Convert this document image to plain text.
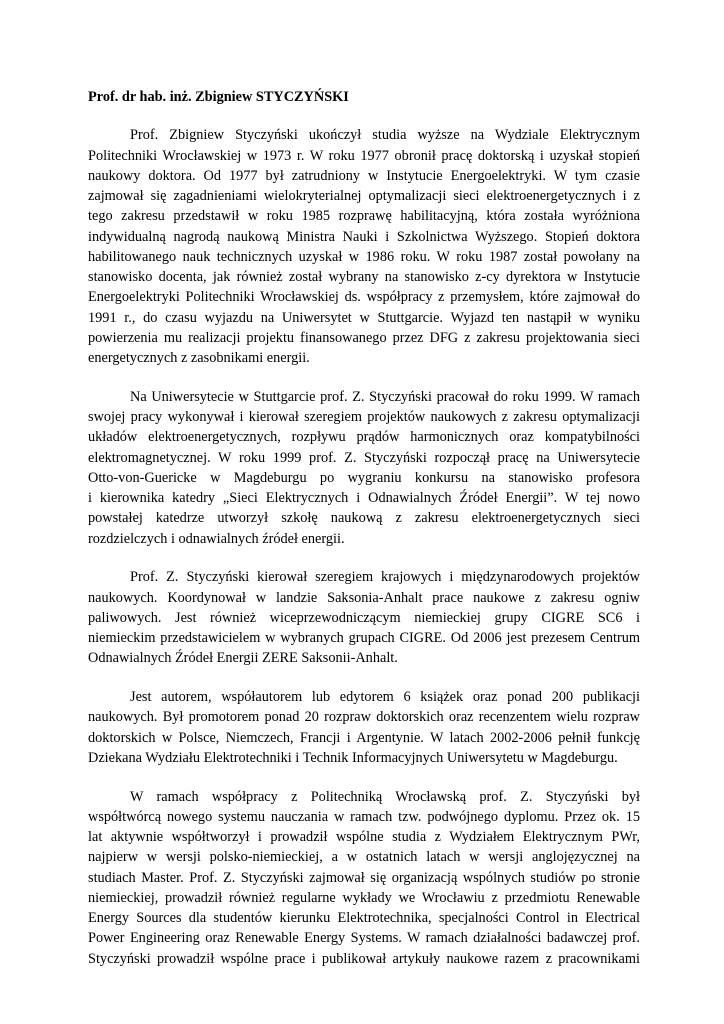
Prof. dr hab. inż. Zbigniew STYCZYŃSKI
Prof. Zbigniew Styczyński ukończył studia wyższe na Wydziale Elektrycznym
Politechniki Wrocławskiej w 1973 r. W roku 1977 obronił pracę doktorską i uzyskał stopień
naukowy doktora. Od 1977 był zatrudniony w Instytucie Energoelektryki. W tym czasie
zajmował się zagadnieniami wielokryterialnej optymalizacji sieci elektroenergetycznych i z
tego zakresu przedstawił w roku 1985 rozprawę habilitacyjną, która została wyróżniona
indywidualną nagrodą naukową Ministra Nauki i Szkolnictwa Wyższego. Stopień doktora
habilitowanego nauk technicznych uzyskał w 1986 roku. W roku 1987 został powołany na
stanowisko docenta, jak również został wybrany na stanowisko z-cy dyrektora w Instytucie
Energoelektryki Politechniki Wrocławskiej ds. współpracy z przemysłem, które zajmował do
1991 r., do czasu wyjazdu na Uniwersytet w Stuttgarcie. Wyjazd ten nastąpił w wyniku
powierzenia mu realizacji projektu finansowanego przez DFG z zakresu projektowania sieci
energetycznych z zasobnikami energii.
Na Uniwersytecie w Stuttgarcie prof. Z. Styczyński pracował do roku 1999. W ramach
swojej pracy wykonywał i kierował szeregiem projektów naukowych z zakresu optymalizacji
układów elektroenergetycznych, rozpływu prądów harmonicznych oraz kompatybilności
elektromagnetycznej. W roku 1999 prof. Z. Styczyński rozpoczął pracę na Uniwersytecie
Otto-von-Guericke w Magdeburgu po wygraniu konkursu na stanowisko profesora
i kierownika katedry „Sieci Elektrycznych i Odnawialnych Źródeł Energii”. W tej nowo
powstałej katedrze utworzył szkołę naukową z zakresu elektroenergetycznych sieci
rozdzielczych i odnawialnych źródeł energii.
Prof. Z. Styczyński kierował szeregiem krajowych i międzynarodowych projektów
naukowych. Koordynował w landzie Saksonia-Anhalt prace naukowe z zakresu ogniw
paliwowych. Jest również wiceprzewodniczącym niemieckiej grupy CIGRE SC6 i
niemieckim przedstawicielem w wybranych grupach CIGRE. Od 2006 jest prezesem Centrum
Odnawialnych Źródeł Energii ZERE Saksonii-Anhalt.
Jest autorem, współautorem lub edytorem 6 książek oraz ponad 200 publikacji
naukowych. Był promotorem ponad 20 rozpraw doktorskich oraz recenzentem wielu rozpraw
doktorskich w Polsce, Niemczech, Francji i Argentynie. W latach 2002-2006 pełnił funkcję
Dziekana Wydziału Elektrotechniki i Technik Informacyjnych Uniwersytetu w Magdeburgu.
W ramach współpracy z Politechniką Wrocławską prof. Z. Styczyński był
współtwórcą nowego systemu nauczania w ramach tzw. podwójnego dyplomu. Przez ok. 15
lat aktywnie współtworzył i prowadził wspólne studia z Wydziałem Elektrycznym PWr,
najpierw w wersji polsko-niemieckiej, a w ostatnich latach w wersji anglojęzycznej na
studiach Master. Prof. Z. Styczyński zajmował się organizacją wspólnych studiów po stronie
niemieckiej, prowadził również regularne wykłady we Wrocławiu z przedmiotu Renewable
Energy Sources dla studentów kierunku Elektrotechnika, specjalności Control in Electrical
Power Engineering oraz Renewable Energy Systems. W ramach działalności badawczej prof.
Styczyński prowadził wspólne prace i publikował artykuły naukowe razem z pracownikami
